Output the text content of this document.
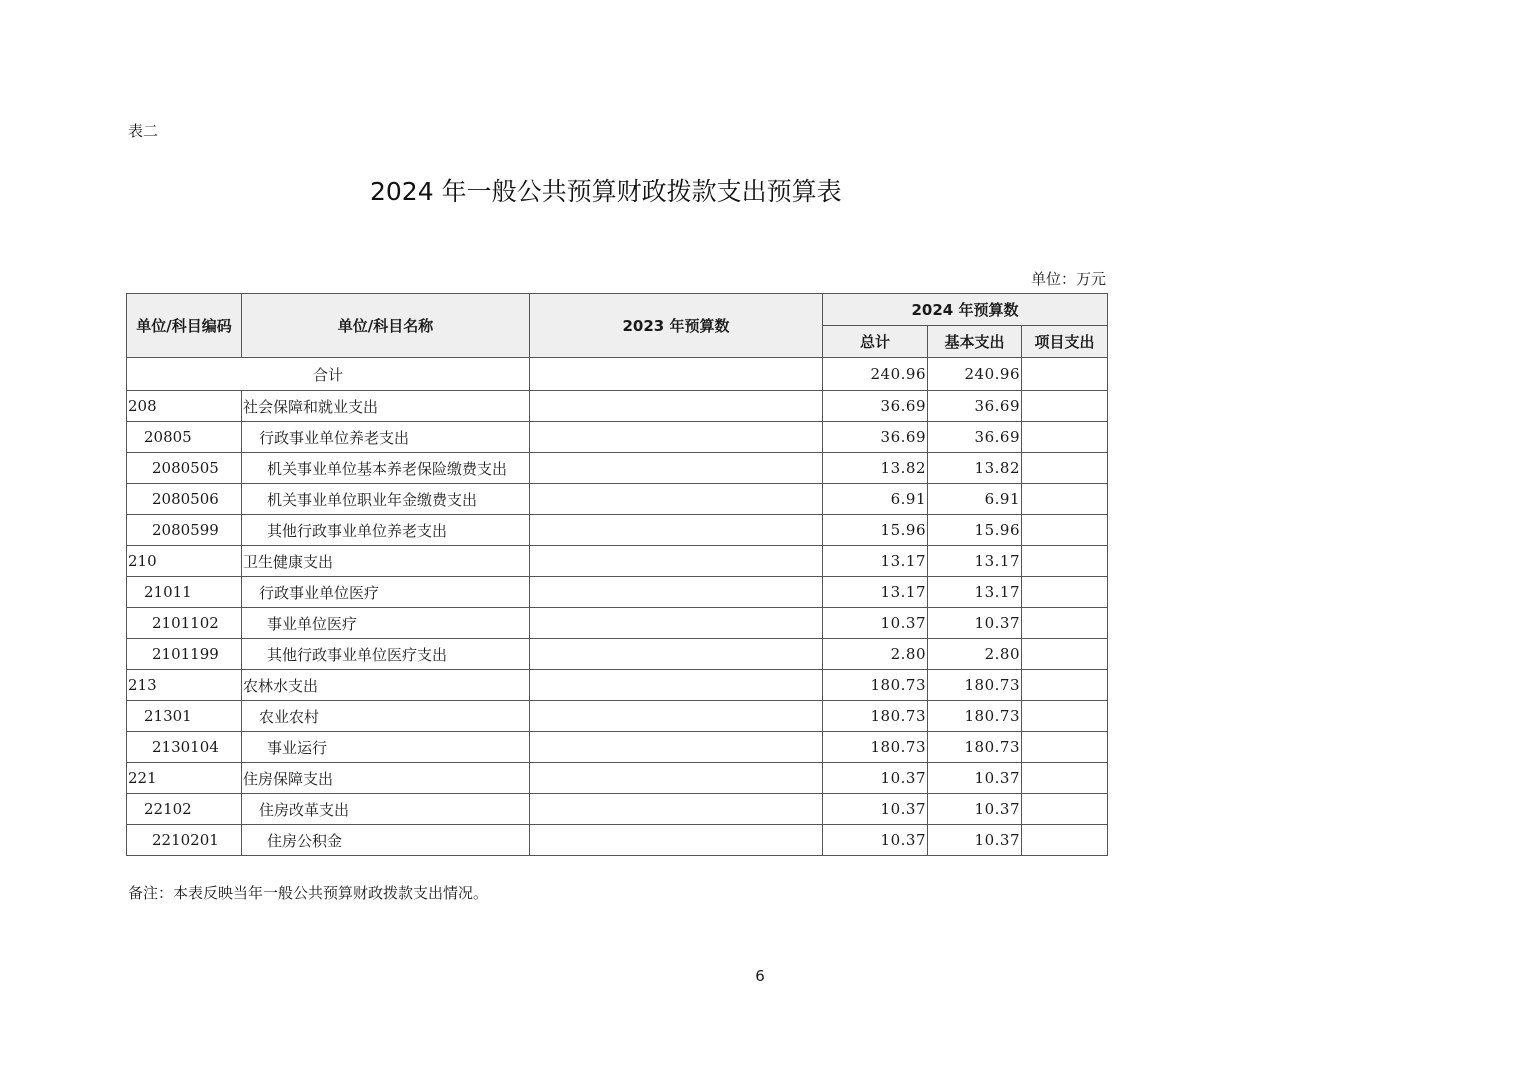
表二
2024 年一般公共预算财政拨款支出预算表
单位：万元
单位/科目编码	单位/科目名称	2023 年预算数	2024 年预算数		
			总计	基本支出	项目支出
合计			240.96	240.96	
208	社会保障和就业支出		36.69	36.69	
20805	行政事业单位养老支出		36.69	36.69	
2080505	机关事业单位基本养老保险缴费支出		13.82	13.82	
2080506	机关事业单位职业年金缴费支出		6.91	6.91	
2080599	其他行政事业单位养老支出		15.96	15.96	
210	卫生健康支出		13.17	13.17	
21011	行政事业单位医疗		13.17	13.17	
2101102	事业单位医疗		10.37	10.37	
2101199	其他行政事业单位医疗支出		2.80	2.80	
213	农林水支出		180.73	180.73	
21301	农业农村		180.73	180.73	
2130104	事业运行		180.73	180.73	
221	住房保障支出		10.37	10.37	
22102	住房改革支出		10.37	10.37	
2210201	住房公积金		10.37	10.37	
备注：本表反映当年一般公共预算财政拨款支出情况。
6
